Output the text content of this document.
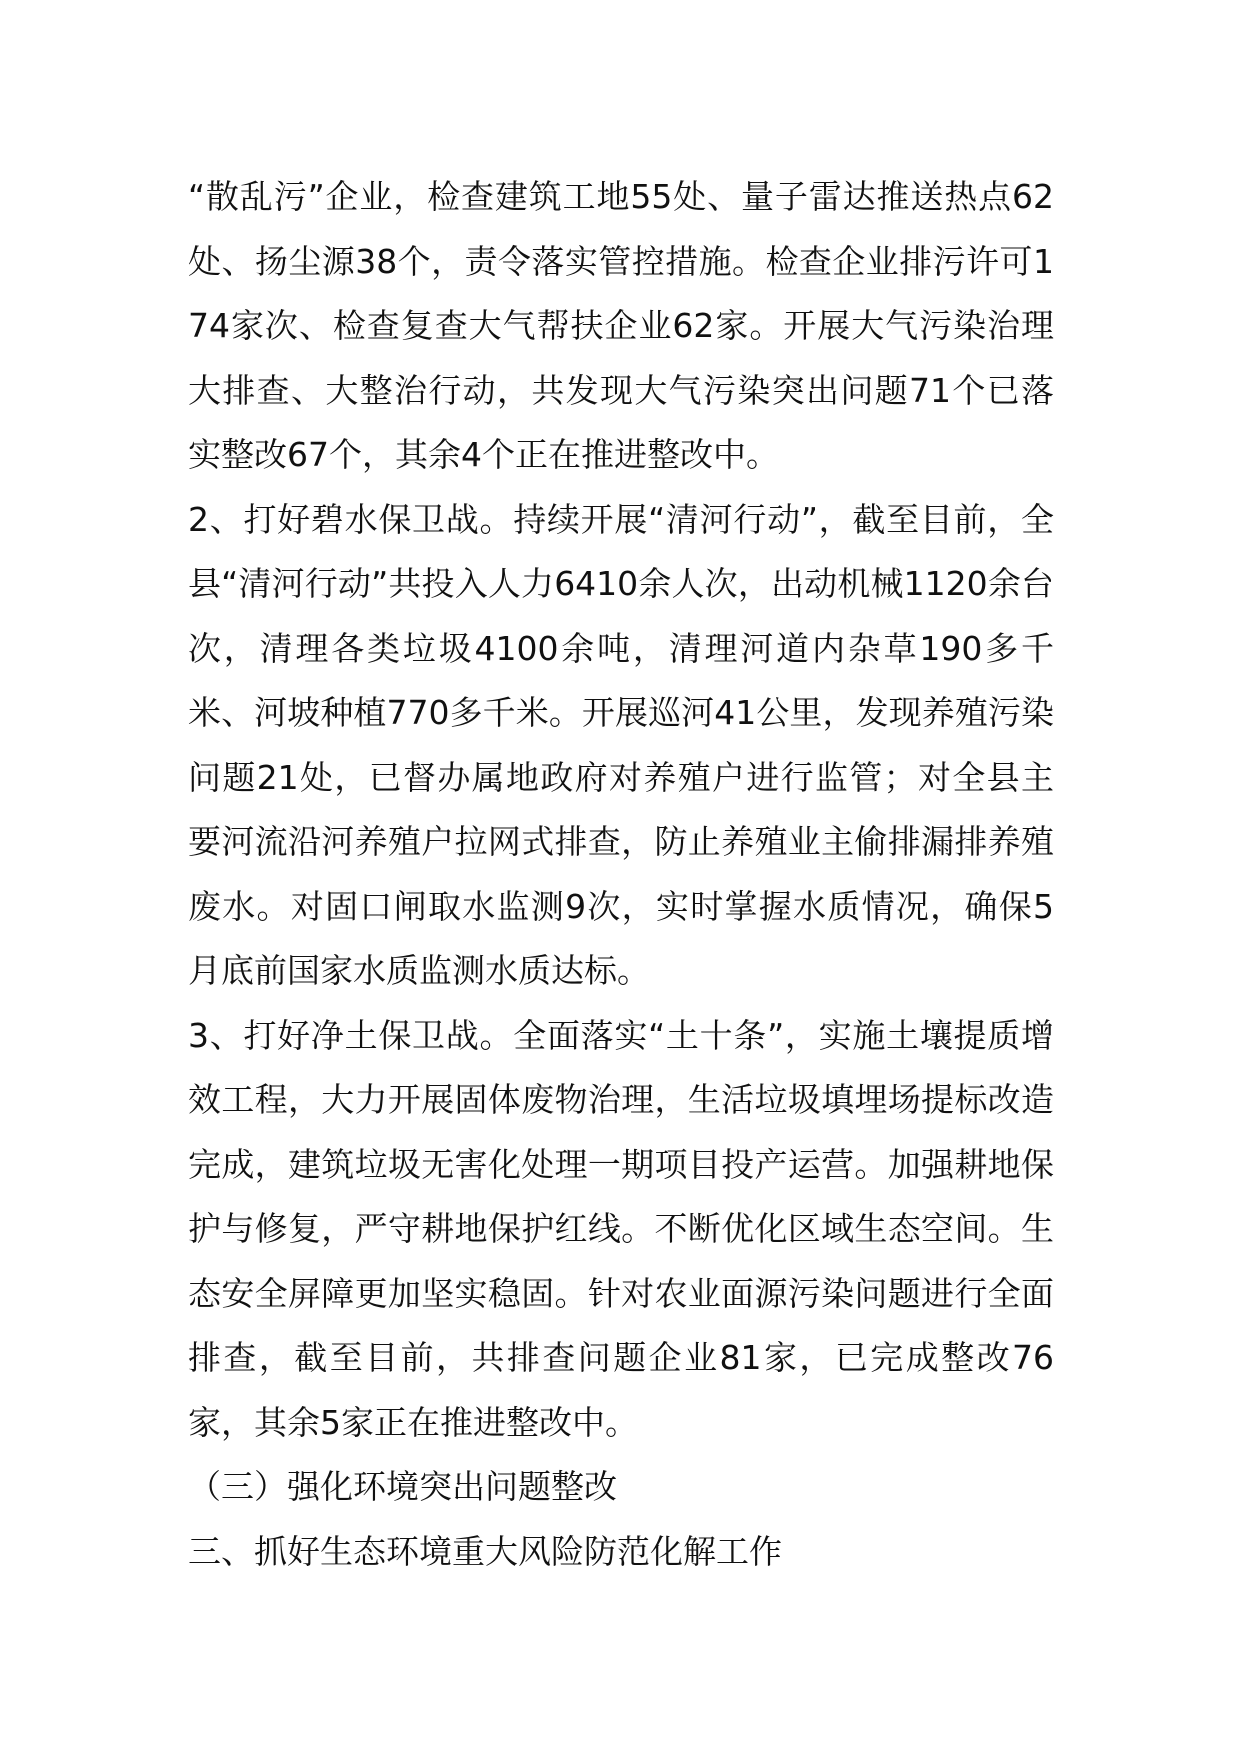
“散乱污”企业，检查建筑工地55处、量子雷达推送热点62处、扬尘源38个，责令落实管控措施。检查企业排污许可174家次、检查复查大气帮扶企业62家。开展大气污染治理大排查、大整治行动，共发现大气污染突出问题71个已落实整改67个，其余4个正在推进整改中。

2、打好碧水保卫战。持续开展“清河行动”，截至目前，全县“清河行动”共投入人力6410余人次，出动机械1120余台次，清理各类垃圾4100余吨，清理河道内杂草190多千米、河坡种植770多千米。开展巡河41公里，发现养殖污染问题21处，已督办属地政府对养殖户进行监管；对全县主要河流沿河养殖户拉网式排查，防止养殖业主偷排漏排养殖废水。对固口闸取水监测9次，实时掌握水质情况，确保5月底前国家水质监测水质达标。

3、打好净土保卫战。全面落实“土十条”，实施土壤提质增效工程，大力开展固体废物治理，生活垃圾填埋场提标改造完成，建筑垃圾无害化处理一期项目投产运营。加强耕地保护与修复，严守耕地保护红线。不断优化区域生态空间。生态安全屏障更加坚实稳固。针对农业面源污染问题进行全面排查，截至目前，共排查问题企业81家，已完成整改76家，其余5家正在推进整改中。

（三）强化环境突出问题整改

三、抓好生态环境重大风险防范化解工作
